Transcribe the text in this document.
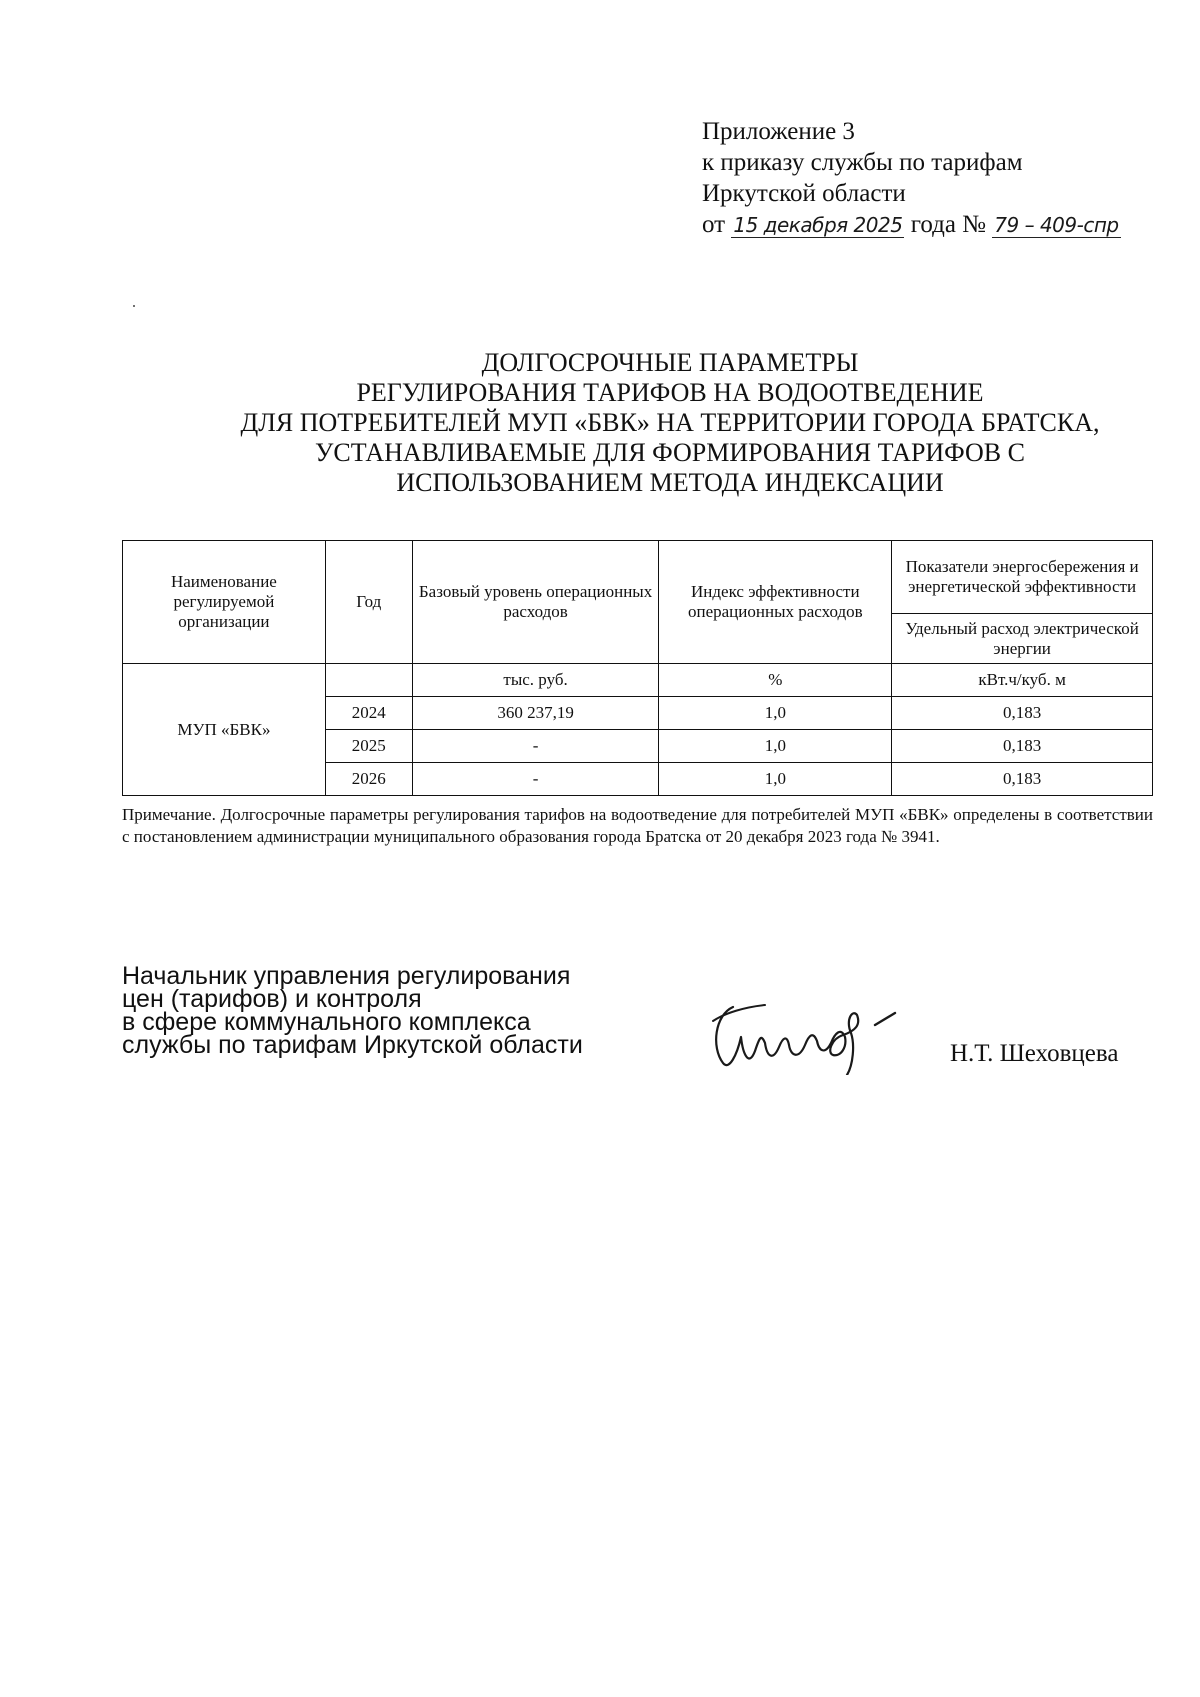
Приложение 3
к приказу службы по тарифам
Иркутской области
от 15 декабря 2025 года № 79 – 409-спр
ДОЛГОСРОЧНЫЕ ПАРАМЕТРЫ
РЕГУЛИРОВАНИЯ ТАРИФОВ НА ВОДООТВЕДЕНИЕ
ДЛЯ ПОТРЕБИТЕЛЕЙ МУП «БВК» НА ТЕРРИТОРИИ ГОРОДА БРАТСКА,
УСТАНАВЛИВАЕМЫЕ ДЛЯ ФОРМИРОВАНИЯ ТАРИФОВ С
ИСПОЛЬЗОВАНИЕМ МЕТОДА ИНДЕКСАЦИИ
Наименование регулируемой организации	Год	Базовый уровень операционных расходов	Индекс эффективности операционных расходов	Показатели энергосбережения и энергетической эффективности
				Удельный расход электрической энергии
МУП «БВК»		тыс. руб.	%	кВт.ч/куб. м
	2024	360 237,19	1,0	0,183
	2025	-	1,0	0,183
	2026	-	1,0	0,183
Примечание. Долгосрочные параметры регулирования тарифов на водоотведение для потребителей МУП «БВК» определены в соответствии с постановлением администрации муниципального образования города Братска от 20 декабря 2023 года № 3941.
Начальник управления регулирования
цен (тарифов) и контроля
в сфере коммунального комплекса
службы по тарифам Иркутской области	Н.Т. Шеховцева
